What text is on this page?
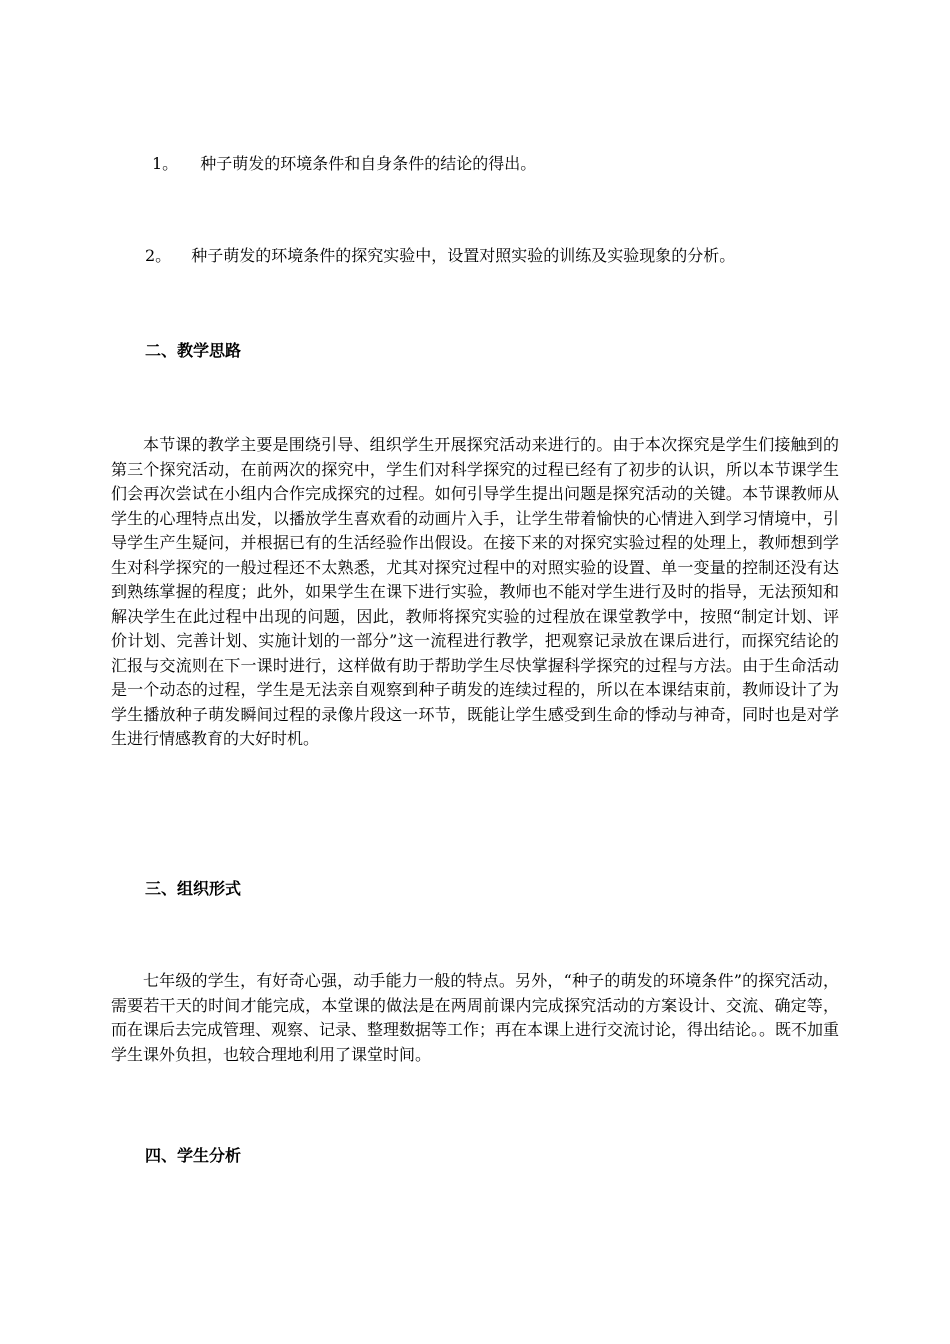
1。 种子萌发的环境条件和自身条件的结论的得出。
2。 种子萌发的环境条件的探究实验中，设置对照实验的训练及实验现象的分析。
二、教学思路

本节课的教学主要是围绕引导、组织学生开展探究活动来进行的。由于本次探究是学生们接触到的第三个探究活动，在前两次的探究中，学生们对科学探究的过程已经有了初步的认识，所以本节课学生们会再次尝试在小组内合作完成探究的过程。如何引导学生提出问题是探究活动的关键。本节课教师从学生的心理特点出发，以播放学生喜欢看的动画片入手，让学生带着愉快的心情进入到学习情境中，引导学生产生疑问，并根据已有的生活经验作出假设。在接下来的对探究实验过程的处理上，教师想到学生对科学探究的一般过程还不太熟悉，尤其对探究过程中的对照实验的设置、单一变量的控制还没有达到熟练掌握的程度；此外，如果学生在课下进行实验，教师也不能对学生进行及时的指导，无法预知和解决学生在此过程中出现的问题，因此，教师将探究实验的过程放在课堂教学中，按照“制定计划、评价计划、完善计划、实施计划的一部分”这一流程进行教学，把观察记录放在课后进行，而探究结论的汇报与交流则在下一课时进行，这样做有助于帮助学生尽快掌握科学探究的过程与方法。由于生命活动是一个动态的过程，学生是无法亲自观察到种子萌发的连续过程的，所以在本课结束前，教师设计了为学生播放种子萌发瞬间过程的录像片段这一环节，既能让学生感受到生命的悸动与神奇，同时也是对学生进行情感教育的大好时机。

三、组织形式

七年级的学生，有好奇心强，动手能力一般的特点。另外，“种子的萌发的环境条件”的探究活动，需要若干天的时间才能完成，本堂课的做法是在两周前课内完成探究活动的方案设计、交流、确定等，而在课后去完成管理、观察、记录、整理数据等工作；再在本课上进行交流讨论，得出结论。。既不加重学生课外负担，也较合理地利用了课堂时间。

四、学生分析
